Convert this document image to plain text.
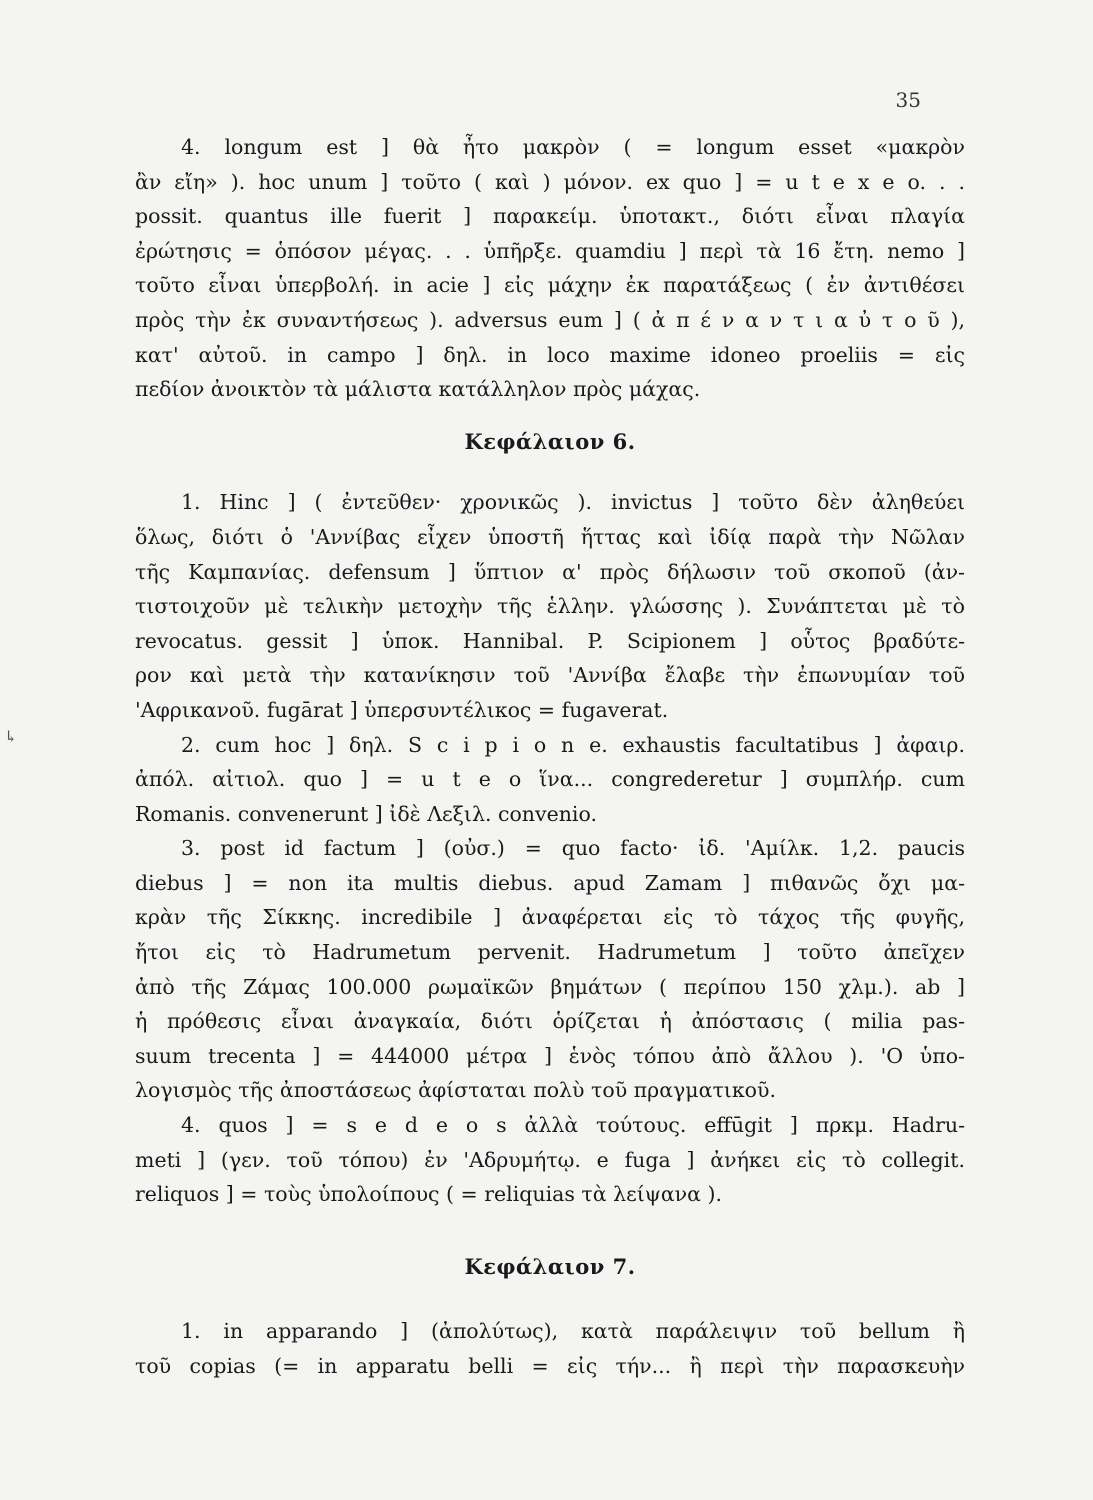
35
↳
4. longum est ] θὰ ἦτο μακρὸν ( = longum esset «μακρὸν
ἂν εἴη» ). hoc unum ] τοῦτο ( καὶ ) μόνον. ex quo ] = u t e x e o. . .
possit. quantus ille fuerit ] παρακείμ. ὑποτακτ., διότι εἶναι πλαγία
ἐρώτησις = ὁπόσον μέγας. . . ὑπῆρξε. quamdiu ] περὶ τὰ 16 ἔτη. nemo ]
τοῦτο εἶναι ὑπερβολή. in acie ] εἰς μάχην ἐκ παρατάξεως ( ἐν ἀντιθέσει
πρὸς τὴν ἐκ συναντήσεως ). adversus eum ] ( ἀ π έ ν α ν τ ι α ὐ τ ο ῦ ),
κατ' αὐτοῦ. in campo ] δηλ. in loco maxime idoneo proeliis = εἰς
πεδίον ἀνοικτὸν τὰ μάλιστα κατάλληλον πρὸς μάχας.
Κεφάλαιον 6.
1. Hinc ] ( ἐντεῦθεν· χρονικῶς ). invictus ] τοῦτο δὲν ἀληθεύει
ὅλως, διότι ὁ 'Αννίβας εἶχεν ὑποστῆ ἥττας καὶ ἰδίᾳ παρὰ τὴν Νῶλαν
τῆς Καμπανίας. defensum ] ὕπτιον α' πρὸς δήλωσιν τοῦ σκοποῦ (ἀν-
τιστοιχοῦν μὲ τελικὴν μετοχὴν τῆς ἑλλην. γλώσσης ). Συνάπτεται μὲ τὸ
revocatus. gessit ] ὑποκ. Hannibal. P. Scipionem ] οὗτος βραδύτε-
ρον καὶ μετὰ τὴν κατανίκησιν τοῦ 'Αννίβα ἔλαβε τὴν ἐπωνυμίαν τοῦ
'Αφρικανοῦ. fugārat ] ὑπερσυντέλικος = fugaverat.
2. cum hoc ] δηλ. S c i p i o n e. exhaustis facultatibus ] ἀφαιρ.
ἀπόλ. αἰτιολ. quo ] = u t e o ἵνα... congrederetur ] συμπλήρ. cum
Romanis. convenerunt ] ἰδὲ Λεξιλ. convenio.
3. post id factum ] (οὐσ.) = quo facto· ἰδ. 'Αμίλκ. 1,2. paucis
diebus ] = non ita multis diebus. apud Zamam ] πιθανῶς ὄχι μα-
κρὰν τῆς Σίκκης. incredibile ] ἀναφέρεται εἰς τὸ τάχος τῆς φυγῆς,
ἤτοι εἰς τὸ Hadrumetum pervenit. Hadrumetum ] τοῦτο ἀπεῖχεν
ἀπὸ τῆς Ζάμας 100.000 ρωμαϊκῶν βημάτων ( περίπου 150 χλμ.). ab ]
ἡ πρόθεσις εἶναι ἀναγκαία, διότι ὁρίζεται ἡ ἀπόστασις ( milia pas-
suum trecenta ] = 444000 μέτρα ] ἑνὸς τόπου ἀπὸ ἄλλου ). 'Ο ὑπο-
λογισμὸς τῆς ἀποστάσεως ἀφίσταται πολὺ τοῦ πραγματικοῦ.
4. quos ] = s e d e o s ἀλλὰ τούτους. effūgit ] πρκμ. Hadru-
meti ] (γεν. τοῦ τόπου) ἐν 'Αδρυμήτῳ. e fuga ] ἀνήκει εἰς τὸ collegit.
reliquos ] = τοὺς ὑπολοίπους ( = reliquias τὰ λείψανα ).
Κεφάλαιον 7.
1. in apparando ] (ἀπολύτως), κατὰ παράλειψιν τοῦ bellum ἢ
τοῦ copias (= in apparatu belli = εἰς τήν... ἢ περὶ τὴν παρασκευὴν
